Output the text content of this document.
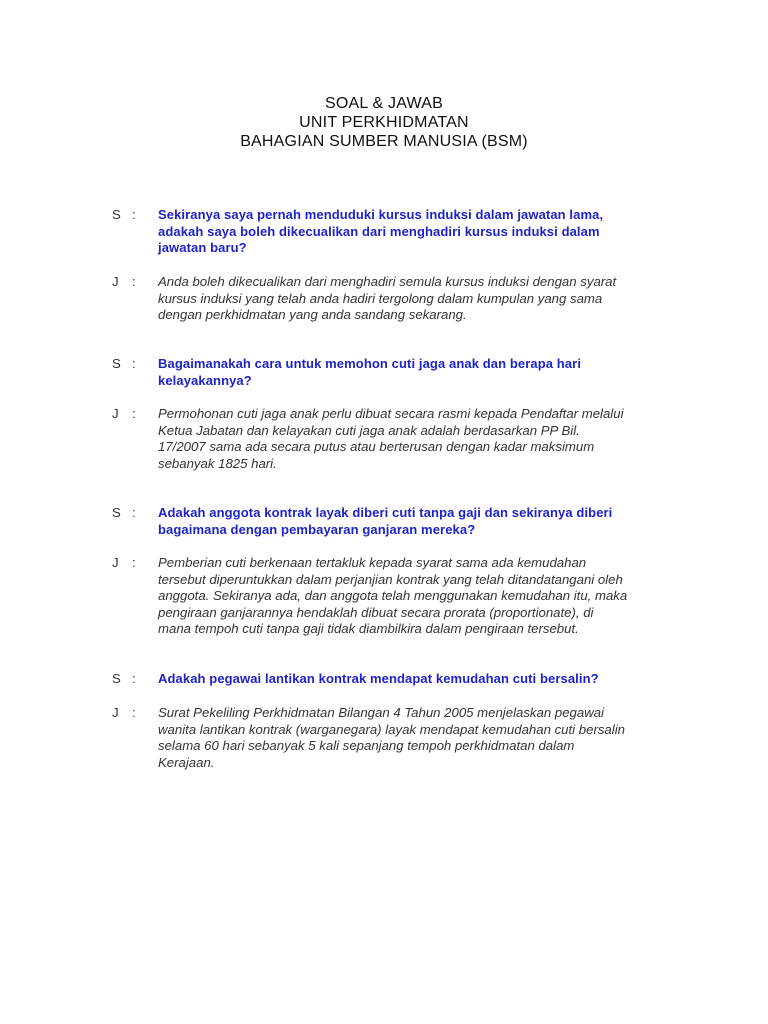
SOAL & JAWAB
UNIT PERKHIDMATAN
BAHAGIAN SUMBER MANUSIA (BSM)
S : Sekiranya saya pernah menduduki kursus induksi dalam jawatan lama, adakah saya boleh dikecualikan dari menghadiri kursus induksi dalam jawatan baru?
J : Anda boleh dikecualikan dari menghadiri semula kursus induksi dengan syarat kursus induksi yang telah anda hadiri tergolong dalam kumpulan yang sama dengan perkhidmatan yang anda sandang sekarang.
S : Bagaimanakah cara untuk memohon cuti jaga anak dan berapa hari kelayakannya?
J : Permohonan cuti jaga anak perlu dibuat secara rasmi kepada Pendaftar melalui Ketua Jabatan dan kelayakan cuti jaga anak adalah berdasarkan PP Bil. 17/2007 sama ada secara putus atau berterusan dengan kadar maksimum sebanyak 1825 hari.
S : Adakah anggota kontrak layak diberi cuti tanpa gaji dan sekiranya diberi bagaimana dengan pembayaran ganjaran mereka?
J : Pemberian cuti berkenaan tertakluk kepada syarat sama ada kemudahan tersebut diperuntukkan dalam perjanjian kontrak yang telah ditandatangani oleh anggota. Sekiranya ada, dan anggota telah menggunakan kemudahan itu, maka pengiraan ganjarannya hendaklah dibuat secara prorata (proportionate), di mana tempoh cuti tanpa gaji tidak diambilkira dalam pengiraan tersebut.
S : Adakah pegawai lantikan kontrak mendapat kemudahan cuti bersalin?
J : Surat Pekeliling Perkhidmatan Bilangan 4 Tahun 2005 menjelaskan pegawai wanita lantikan kontrak (warganegara) layak mendapat kemudahan cuti bersalin selama 60 hari sebanyak 5 kali sepanjang tempoh perkhidmatan dalam Kerajaan.
